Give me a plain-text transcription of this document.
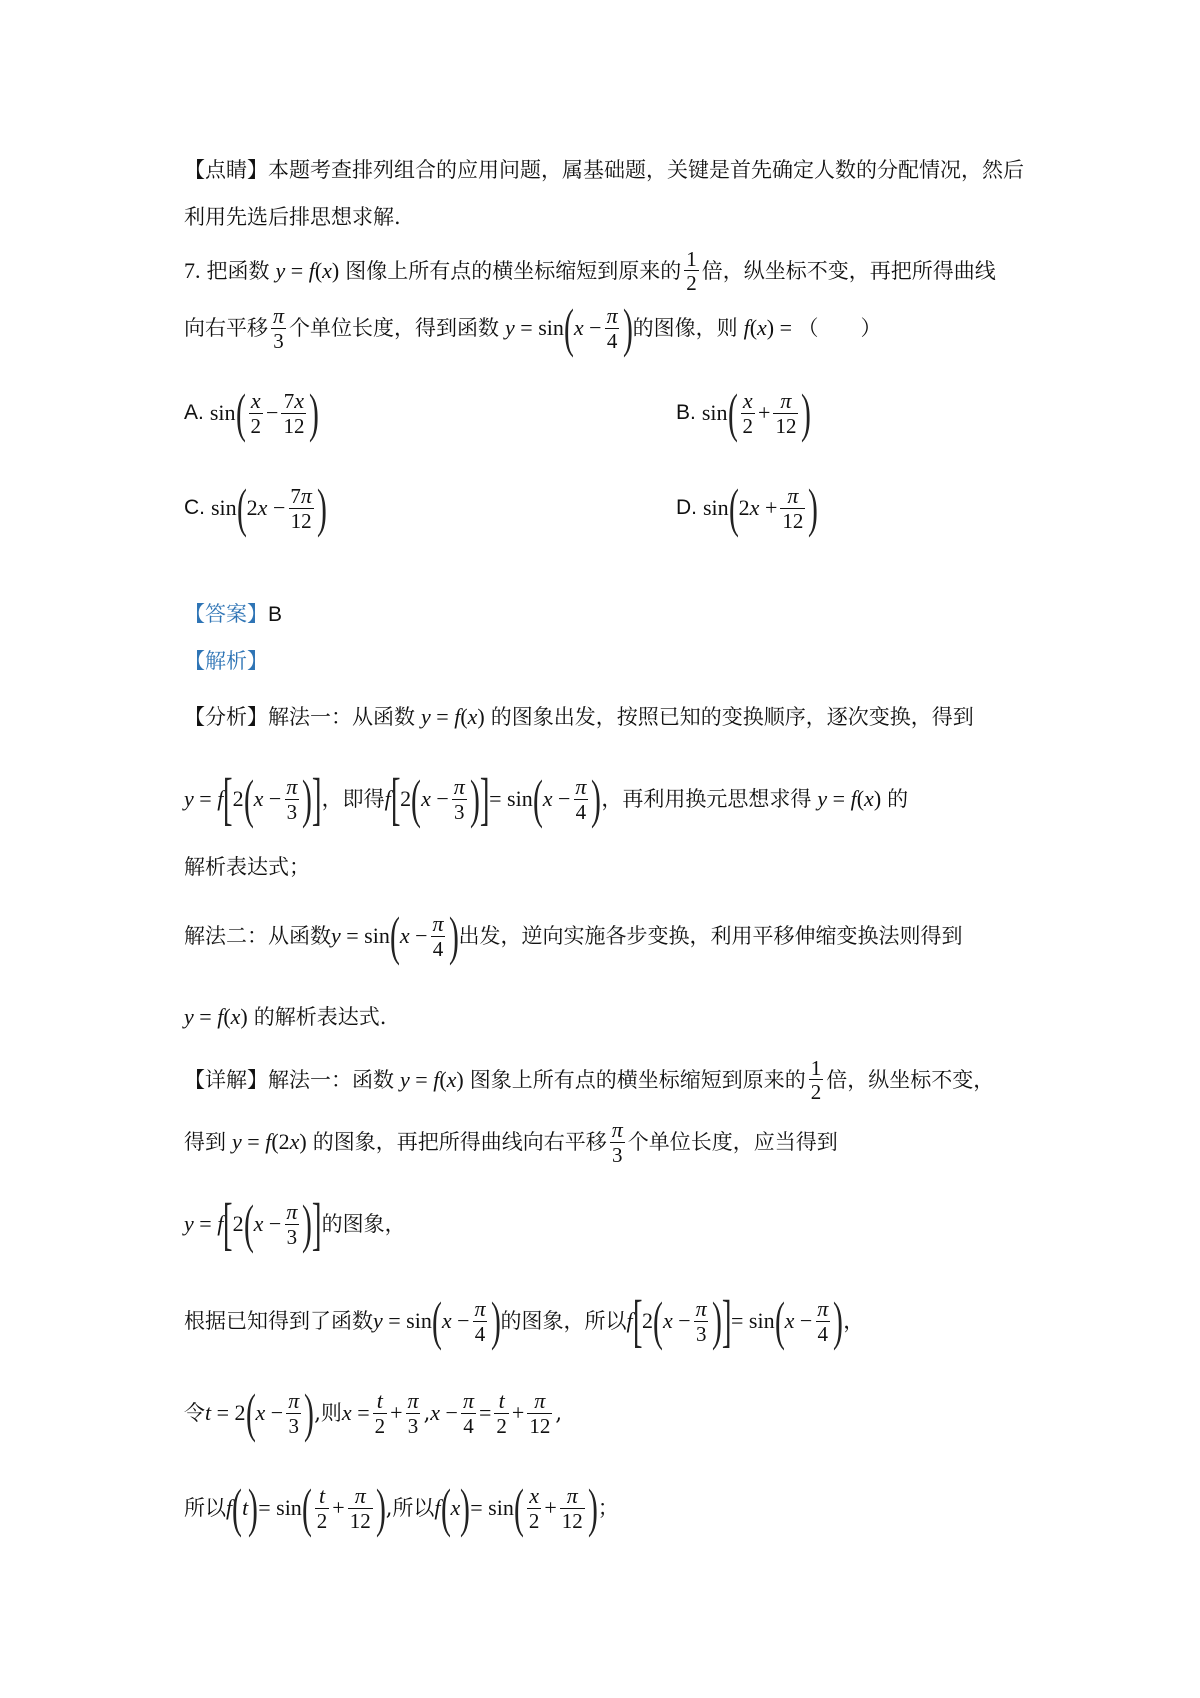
【点睛】 本题考查排列组合的应用问题，属基础题，关键是首先确定人数的分配情况，然后
利用先选后排思想求解.
7. 把函数 y = f ( x ) 图像上所有点的横坐标缩短到原来的 $\frac{1}{2}$ 倍，纵坐标不变，再把所得曲线
向右平移 $\frac{\pi}{3}$ 个单位长度，得到函数 y = sin ( $x - \frac{\pi}{4}$ ) 的图像，则 f ( x ) = （　　）
A. sin ( $\frac{x}{2} - \frac{7x}{12}$ )	B. sin ( $\frac{x}{2} + \frac{\pi}{12}$ )
C. sin ( 2 $x - \frac{7\pi}{12}$ )	D. sin ( 2 $x + \frac{\pi}{12}$ )
【答案】 B
【解析】
【分析】 解法一：从函数 y = f ( x ) 的图象出发，按照已知的变换顺序，逐次变换，得到
y = f [ 2 ( $x - \frac{\pi}{3}$ ) ] ，即得 f [ 2 ( $x - \frac{\pi}{3}$ ) ] = sin ( $x - \frac{\pi}{4}$ ) ，再利用换元思想求得 y = f ( x ) 的
解析表达式；
解法二：从函数 y = sin ( $x - \frac{\pi}{4}$ ) 出发，逆向实施各步变换，利用平移伸缩变换法则得到
y = f ( x ) 的解析表达式.
【详解】 解法一：函数 y = f ( x ) 图象上所有点的横坐标缩短到原来的 $\frac{1}{2}$ 倍，纵坐标不变，
得到 y = f (2 x ) 的图象，再把所得曲线向右平移 $\frac{\pi}{3}$ 个单位长度，应当得到
y = f [ 2 ( $x - \frac{\pi}{3}$ ) ] 的图象，
根据已知得到了函数 y = sin ( $x - \frac{\pi}{4}$ ) 的图象，所以 f [ 2 ( $x - \frac{\pi}{3}$ ) ] = sin ( $x - \frac{\pi}{4}$ ) ，
令 t = 2 ( $x - \frac{\pi}{3}$ ) ,则 $x = \frac{t}{2} + \frac{\pi}{3}$ , $x - \frac{\pi}{4} = \frac{t}{2} + \frac{\pi}{12}$ ,
所以 f ( t ) = sin ( $\frac{t}{2} + \frac{\pi}{12}$ ) ,所以 f ( x ) = sin ( $\frac{x}{2} + \frac{\pi}{12}$ ) ；
